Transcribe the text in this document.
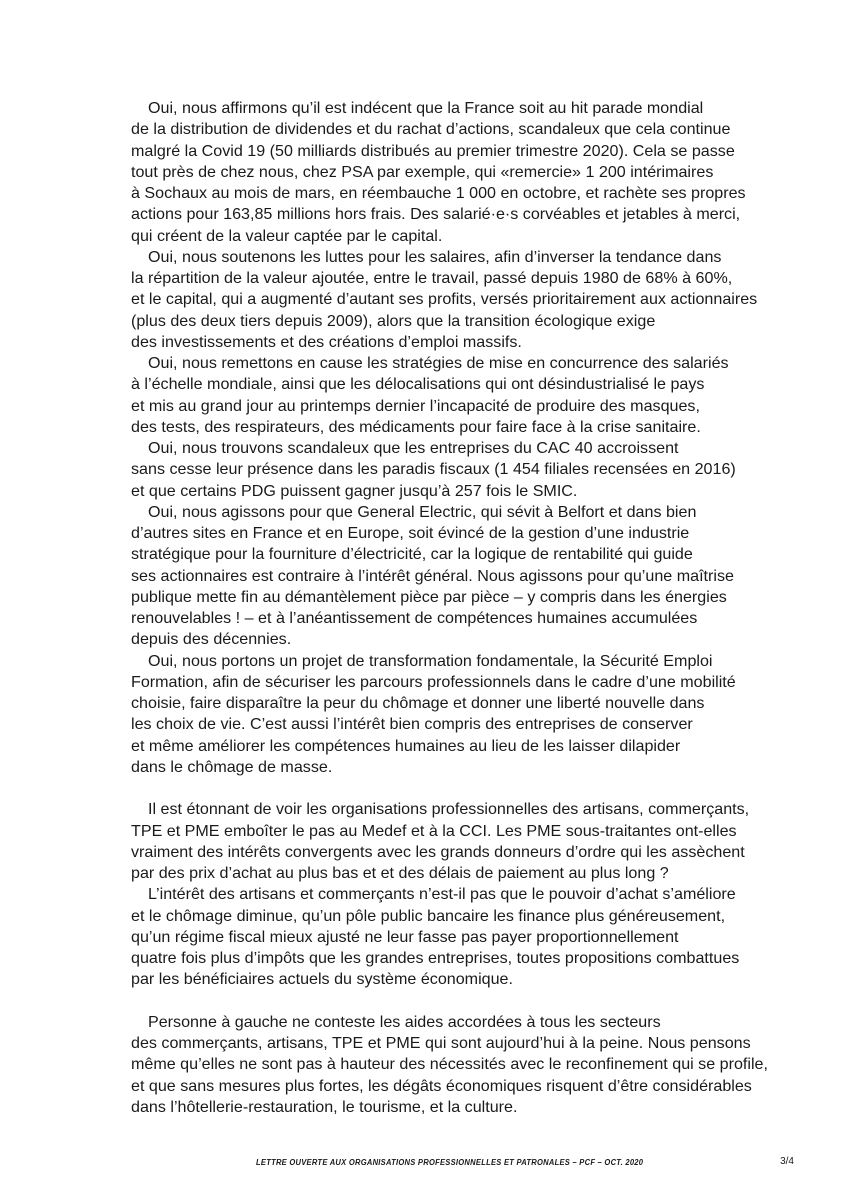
Oui, nous affirmons qu’il est indécent que la France soit au hit parade mondial
de la distribution de dividendes et du rachat d’actions, scandaleux que cela continue
malgré la Covid 19 (50 milliards distribués au premier trimestre 2020). Cela se passe
tout près de chez nous, chez PSA par exemple, qui «remercie» 1 200 intérimaires
à Sochaux au mois de mars, en réembauche 1 000 en octobre, et rachète ses propres
actions pour 163,85 millions hors frais. Des salarié·e·s corvéables et jetables à merci,
qui créent de la valeur captée par le capital.
Oui, nous soutenons les luttes pour les salaires, afin d’inverser la tendance dans
la répartition de la valeur ajoutée, entre le travail, passé depuis 1980 de 68% à 60%,
et le capital, qui a augmenté d’autant ses profits, versés prioritairement aux actionnaires
(plus des deux tiers depuis 2009), alors que la transition écologique exige
des investissements et des créations d’emploi massifs.
Oui, nous remettons en cause les stratégies de mise en concurrence des salariés
à l’échelle mondiale, ainsi que les délocalisations qui ont désindustrialisé le pays
et mis au grand jour au printemps dernier l’incapacité de produire des masques,
des tests, des respirateurs, des médicaments pour faire face à la crise sanitaire.
Oui, nous trouvons scandaleux que les entreprises du CAC 40 accroissent
sans cesse leur présence dans les paradis fiscaux (1 454 filiales recensées en 2016)
et que certains PDG puissent gagner jusqu’à 257 fois le SMIC.
Oui, nous agissons pour que General Electric, qui sévit à Belfort et dans bien
d’autres sites en France et en Europe, soit évincé de la gestion d’une industrie
stratégique pour la fourniture d’électricité, car la logique de rentabilité qui guide
ses actionnaires est contraire à l’intérêt général. Nous agissons pour qu’une maîtrise
publique mette fin au démantèlement pièce par pièce – y compris dans les énergies
renouvelables ! – et à l’anéantissement de compétences humaines accumulées
depuis des décennies.
Oui, nous portons un projet de transformation fondamentale, la Sécurité Emploi
Formation, afin de sécuriser les parcours professionnels dans le cadre d’une mobilité
choisie, faire disparaître la peur du chômage et donner une liberté nouvelle dans
les choix de vie. C’est aussi l’intérêt bien compris des entreprises de conserver
et même améliorer les compétences humaines au lieu de les laisser dilapider
dans le chômage de masse.
Il est étonnant de voir les organisations professionnelles des artisans, commerçants,
TPE et PME emboîter le pas au Medef et à la CCI. Les PME sous-traitantes ont-elles
vraiment des intérêts convergents avec les grands donneurs d’ordre qui les assèchent
par des prix d’achat au plus bas et et des délais de paiement au plus long ?
L’intérêt des artisans et commerçants n’est-il pas que le pouvoir d’achat s’améliore
et le chômage diminue, qu’un pôle public bancaire les finance plus généreusement,
qu’un régime fiscal mieux ajusté ne leur fasse pas payer proportionnellement
quatre fois plus d’impôts que les grandes entreprises, toutes propositions combattues
par les bénéficiaires actuels du système économique.
Personne à gauche ne conteste les aides accordées à tous les secteurs
des commerçants, artisans, TPE et PME qui sont aujourd’hui à la peine. Nous pensons
même qu’elles ne sont pas à hauteur des nécessités avec le reconfinement qui se profile,
et que sans mesures plus fortes, les dégâts économiques risquent d’être considérables
dans l’hôtellerie-restauration, le tourisme, et la culture.
LETTRE OUVERTE AUX ORGANISATIONS PROFESSIONNELLES ET PATRONALES – PCF – OCT. 2020	3/4
